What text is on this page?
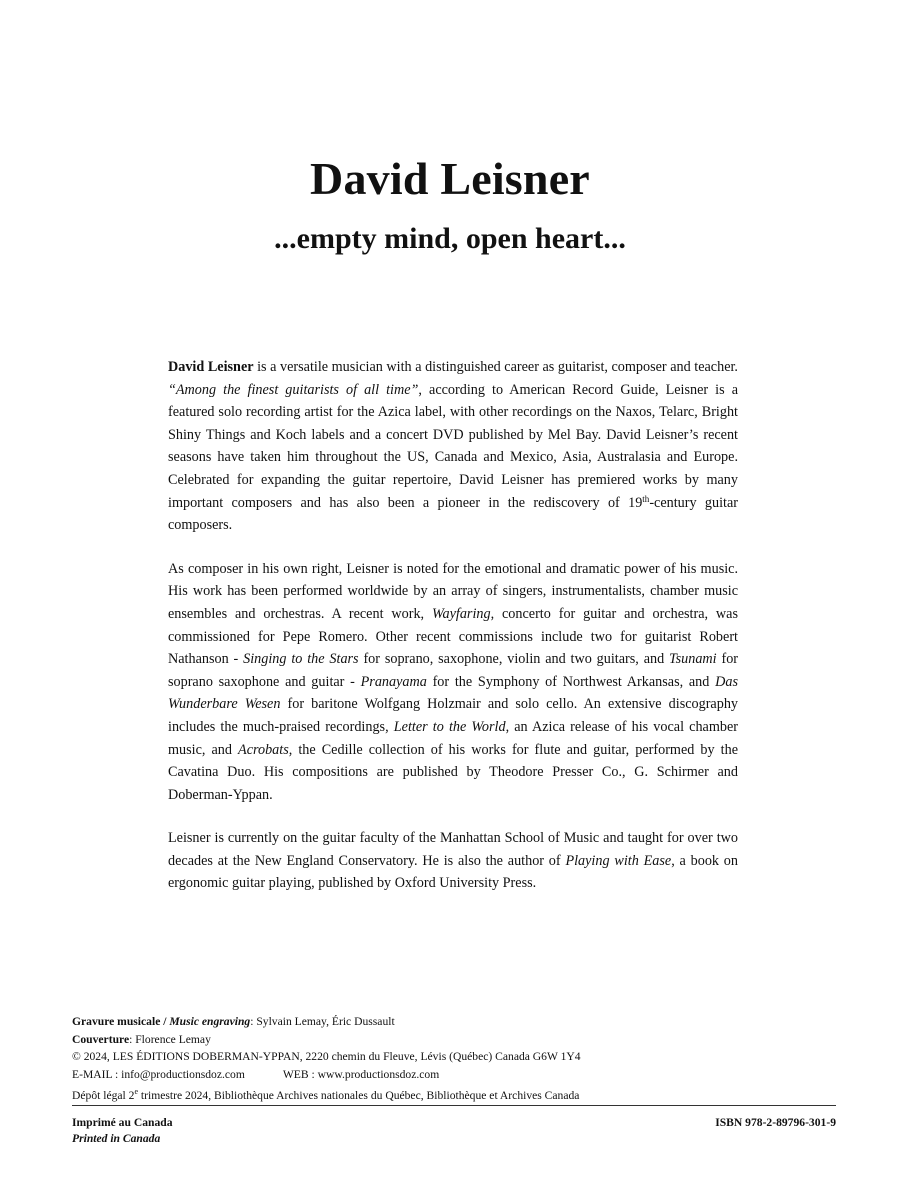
David Leisner
...empty mind, open heart...

David Leisner is a versatile musician with a distinguished career as guitarist, composer and teacher. “Among the finest guitarists of all time”, according to American Record Guide, Leisner is a featured solo recording artist for the Azica label, with other recordings on the Naxos, Telarc, Bright Shiny Things and Koch labels and a concert DVD published by Mel Bay. David Leisner’s recent seasons have taken him throughout the US, Canada and Mexico, Asia, Australasia and Europe. Celebrated for expanding the guitar repertoire, David Leisner has premiered works by many important composers and has also been a pioneer in the rediscovery of 19th-century guitar composers.

As composer in his own right, Leisner is noted for the emotional and dramatic power of his music. His work has been performed worldwide by an array of singers, instrumentalists, chamber music ensembles and orchestras. A recent work, Wayfaring, concerto for guitar and orchestra, was commissioned for Pepe Romero. Other recent commissions include two for guitarist Robert Nathanson - Singing to the Stars for soprano, saxophone, violin and two guitars, and Tsunami for soprano saxophone and guitar - Pranayama for the Symphony of Northwest Arkansas, and Das Wunderbare Wesen for baritone Wolfgang Holzmair and solo cello. An extensive discography includes the much-praised recordings, Letter to the World, an Azica release of his vocal chamber music, and Acrobats, the Cedille collection of his works for flute and guitar, performed by the Cavatina Duo. His compositions are published by Theodore Presser Co., G. Schirmer and Doberman-Yppan.

Leisner is currently on the guitar faculty of the Manhattan School of Music and taught for over two decades at the New England Conservatory. He is also the author of Playing with Ease, a book on ergonomic guitar playing, published by Oxford University Press.

Gravure musicale / Music engraving: Sylvain Lemay, Éric Dussault
Couverture: Florence Lemay
© 2024, LES ÉDITIONS DOBERMAN-YPPAN, 2220 chemin du Fleuve, Lévis (Québec) Canada G6W 1Y4
E-MAIL : info@productionsdoz.com	WEB : www.productionsdoz.com
Dépôt légal 2e trimestre 2024, Bibliothèque Archives nationales du Québec, Bibliothèque et Archives Canada
Imprimé au Canada
Printed in Canada
ISBN 978-2-89796-301-9
